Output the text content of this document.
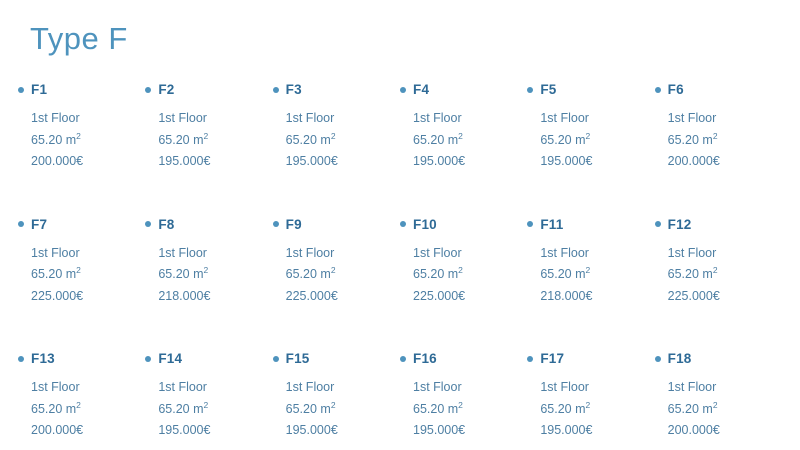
Type F
F1
1st Floor
65.20 $m^2$
200.000€
F2
1st Floor
65.20 $m^2$
195.000€
F3
1st Floor
65.20 $m^2$
195.000€
F4
1st Floor
65.20 $m^2$
195.000€
F5
1st Floor
65.20 $m^2$
195.000€
F6
1st Floor
65.20 $m^2$
200.000€
F7
1st Floor
65.20 $m^2$
225.000€
F8
1st Floor
65.20 $m^2$
218.000€
F9
1st Floor
65.20 $m^2$
225.000€
F10
1st Floor
65.20 $m^2$
225.000€
F11
1st Floor
65.20 $m^2$
218.000€
F12
1st Floor
65.20 $m^2$
225.000€
F13
1st Floor
65.20 $m^2$
200.000€
F14
1st Floor
65.20 $m^2$
195.000€
F15
1st Floor
65.20 $m^2$
195.000€
F16
1st Floor
65.20 $m^2$
195.000€
F17
1st Floor
65.20 $m^2$
195.000€
F18
1st Floor
65.20 $m^2$
200.000€
